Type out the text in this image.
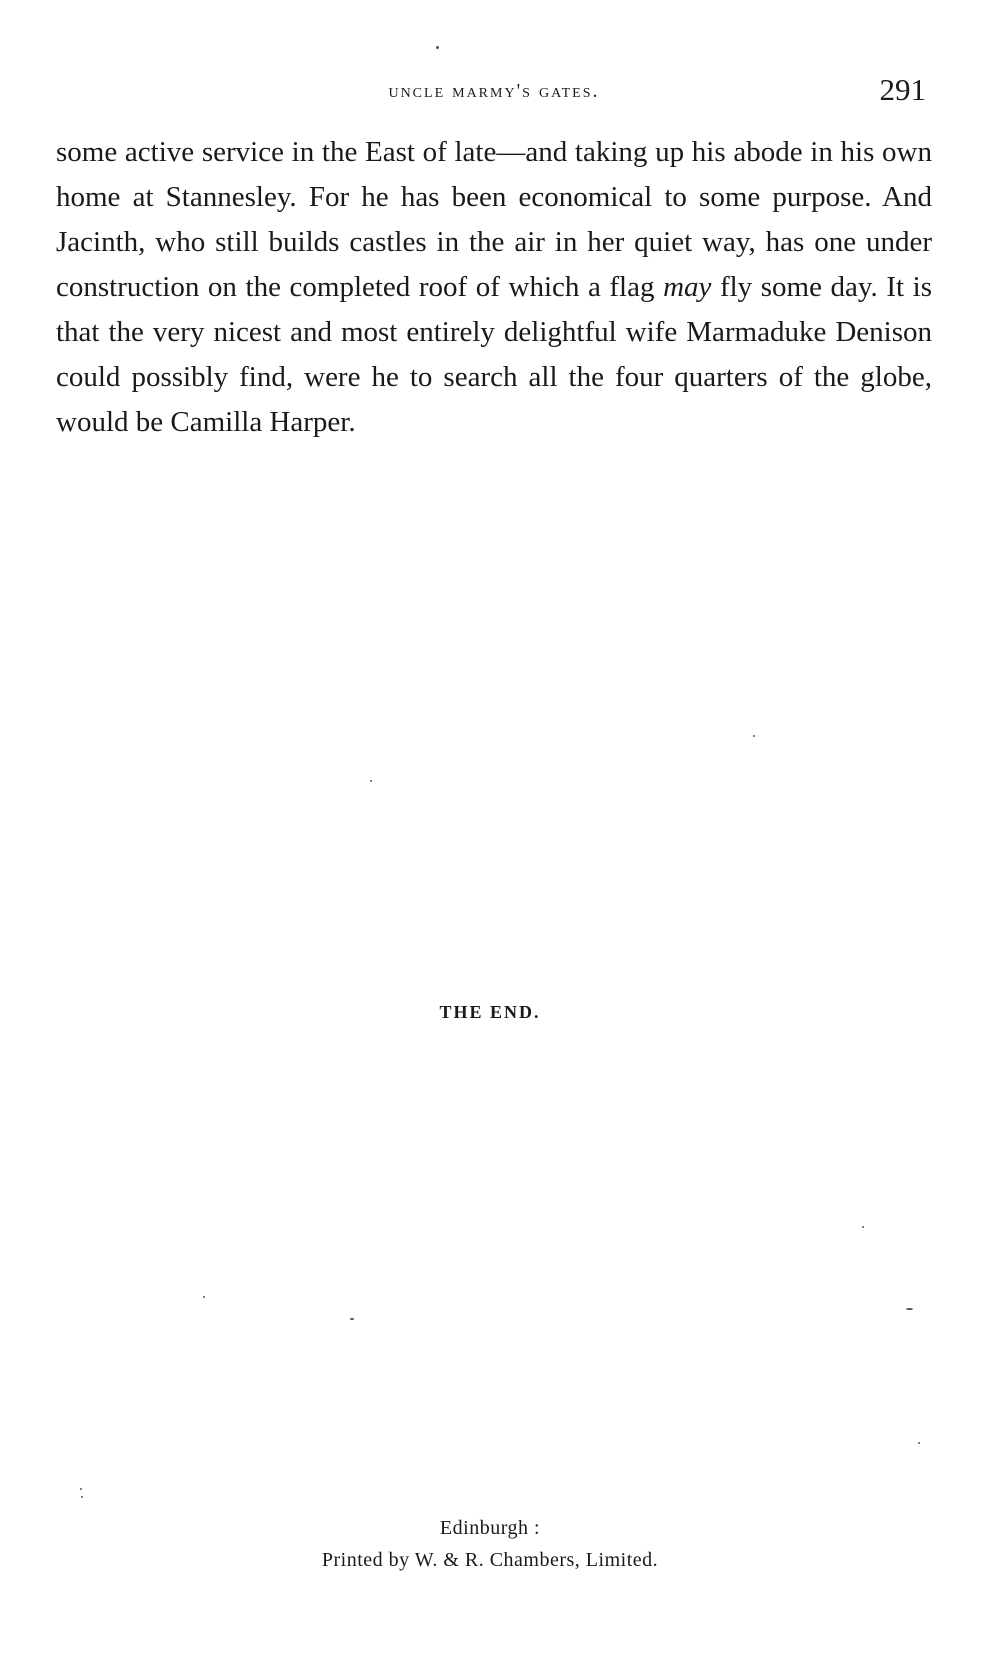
uncle marmy's gates.	291

some active service in the East of late—and taking up his abode in his own home at Stannesley. For he has been economical to some purpose. And Jacinth, who still builds castles in the air in her quiet way, has one under construction on the completed roof of which a flag may fly some day. It is that the very nicest and most entirely delightful wife Marmaduke Denison could possibly find, were he to search all the four quarters of the globe, would be Camilla Harper.

THE END.
Edinburgh :
Printed by W. & R. Chambers, Limited.
